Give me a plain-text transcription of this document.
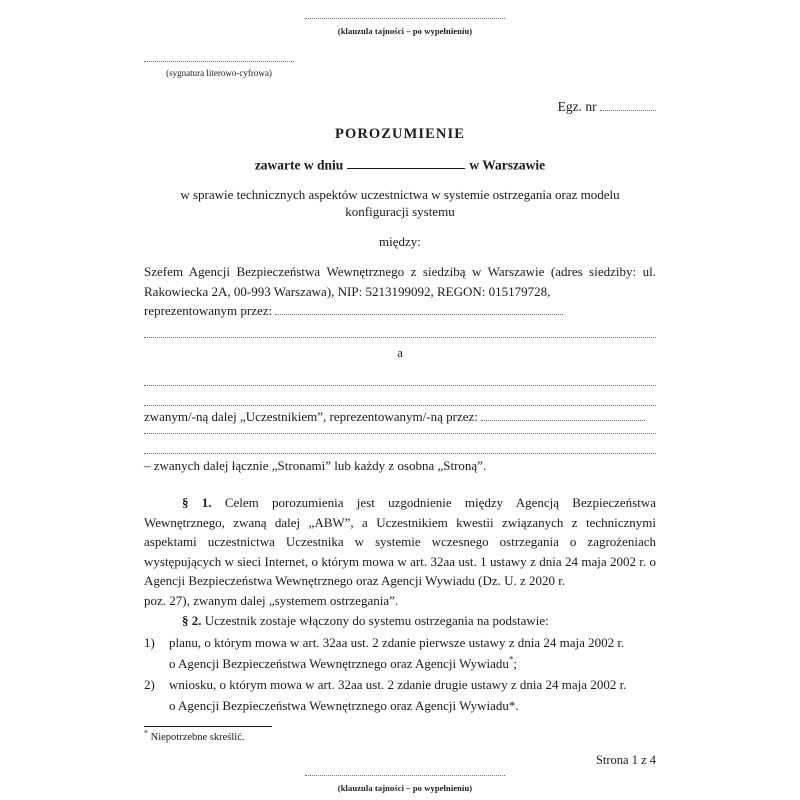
(klauzula tajności – po wypełnieniu)
(sygnatura literowo-cyfrowa)
Egz. nr
POROZUMIENIE
zawarte w dniu	w Warszawie
w sprawie technicznych aspektów uczestnictwa w systemie ostrzegania oraz modelu konfiguracji systemu
między:
Szefem Agencji Bezpieczeństwa Wewnętrznego z siedzibą w Warszawie (adres siedziby: ul. Rakowiecka 2A, 00-993 Warszawa), NIP: 5213199092, REGON: 015179728,
reprezentowanym przez:
a
zwanym/-ną dalej „Uczestnikiem”, reprezentowanym/-ną przez:
– zwanych dalej łącznie „Stronami” lub każdy z osobna „Stroną”.
§ 1. Celem porozumienia jest uzgodnienie między Agencją Bezpieczeństwa Wewnętrznego, zwaną dalej „ABW”, a Uczestnikiem kwestii związanych z technicznymi aspektami uczestnictwa Uczestnika w systemie wczesnego ostrzegania o zagrożeniach występujących w sieci Internet, o którym mowa w art. 32aa ust. 1 ustawy z dnia 24 maja 2002 r. o Agencji Bezpieczeństwa Wewnętrznego oraz Agencji Wywiadu (Dz. U. z 2020 r.
poz. 27), zwanym dalej „systemem ostrzegania”.
§ 2. Uczestnik zostaje włączony do systemu ostrzegania na podstawie:
1) planu, o którym mowa w art. 32aa ust. 2 zdanie pierwsze ustawy z dnia 24 maja 2002 r.
o Agencji Bezpieczeństwa Wewnętrznego oraz Agencji Wywiadu*;
2) wniosku, o którym mowa w art. 32aa ust. 2 zdanie drugie ustawy z dnia 24 maja 2002 r.
o Agencji Bezpieczeństwa Wewnętrznego oraz Agencji Wywiadu*.
* Niepotrzebne skreślić.
Strona 1 z 4
(klauzula tajności – po wypełnieniu)
